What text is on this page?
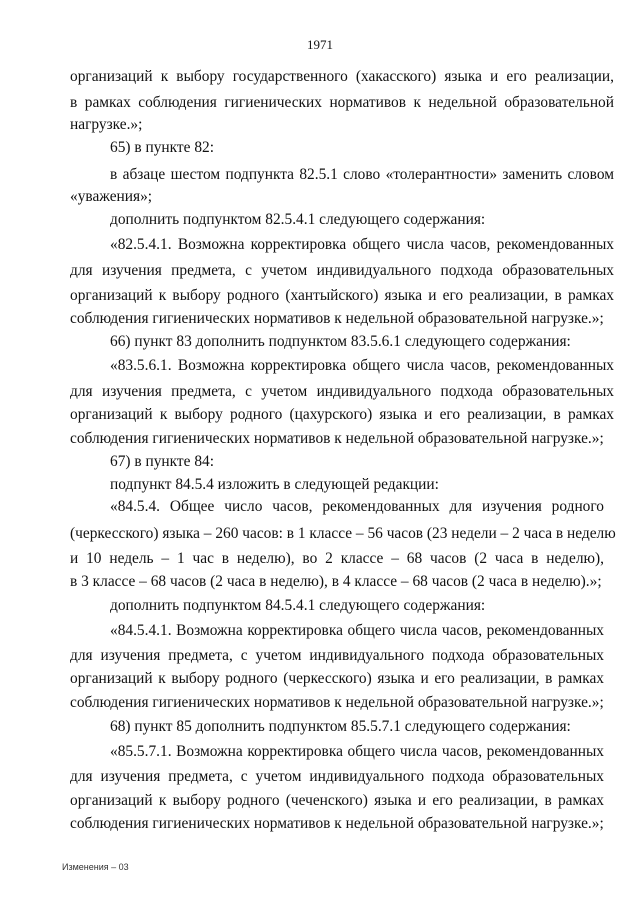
1971
организаций к выбору государственного (хакасского) языка и его реализации,
в рамках соблюдения гигиенических нормативов к недельной образовательной
нагрузке.»;
65) в пункте 82:
в абзаце шестом подпункта 82.5.1 слово «толерантности» заменить словом
«уважения»;
дополнить подпунктом 82.5.4.1 следующего содержания:
«82.5.4.1. Возможна корректировка общего числа часов, рекомендованных
для изучения предмета, с учетом индивидуального подхода образовательных
организаций к выбору родного (хантыйского) языка и его реализации, в рамках
соблюдения гигиенических нормативов к недельной образовательной нагрузке.»;
66) пункт 83 дополнить подпунктом 83.5.6.1 следующего содержания:
«83.5.6.1. Возможна корректировка общего числа часов, рекомендованных
для изучения предмета, с учетом индивидуального подхода образовательных
организаций к выбору родного (цахурского) языка и его реализации, в рамках
соблюдения гигиенических нормативов к недельной образовательной нагрузке.»;
67) в пункте 84:
подпункт 84.5.4 изложить в следующей редакции:
«84.5.4. Общее число часов, рекомендованных для изучения родного
(черкесского) языка – 260 часов: в 1 классе – 56 часов (23 недели – 2 часа в неделю
и 10 недель – 1 час в неделю), во 2 классе – 68 часов (2 часа в неделю),
в 3 классе – 68 часов (2 часа в неделю), в 4 классе – 68 часов (2 часа в неделю).»;
дополнить подпунктом 84.5.4.1 следующего содержания:
«84.5.4.1. Возможна корректировка общего числа часов, рекомендованных
для изучения предмета, с учетом индивидуального подхода образовательных
организаций к выбору родного (черкесского) языка и его реализации, в рамках
соблюдения гигиенических нормативов к недельной образовательной нагрузке.»;
68) пункт 85 дополнить подпунктом 85.5.7.1 следующего содержания:
«85.5.7.1. Возможна корректировка общего числа часов, рекомендованных
для изучения предмета, с учетом индивидуального подхода образовательных
организаций к выбору родного (чеченского) языка и его реализации, в рамках
соблюдения гигиенических нормативов к недельной образовательной нагрузке.»;
Изменения – 03
